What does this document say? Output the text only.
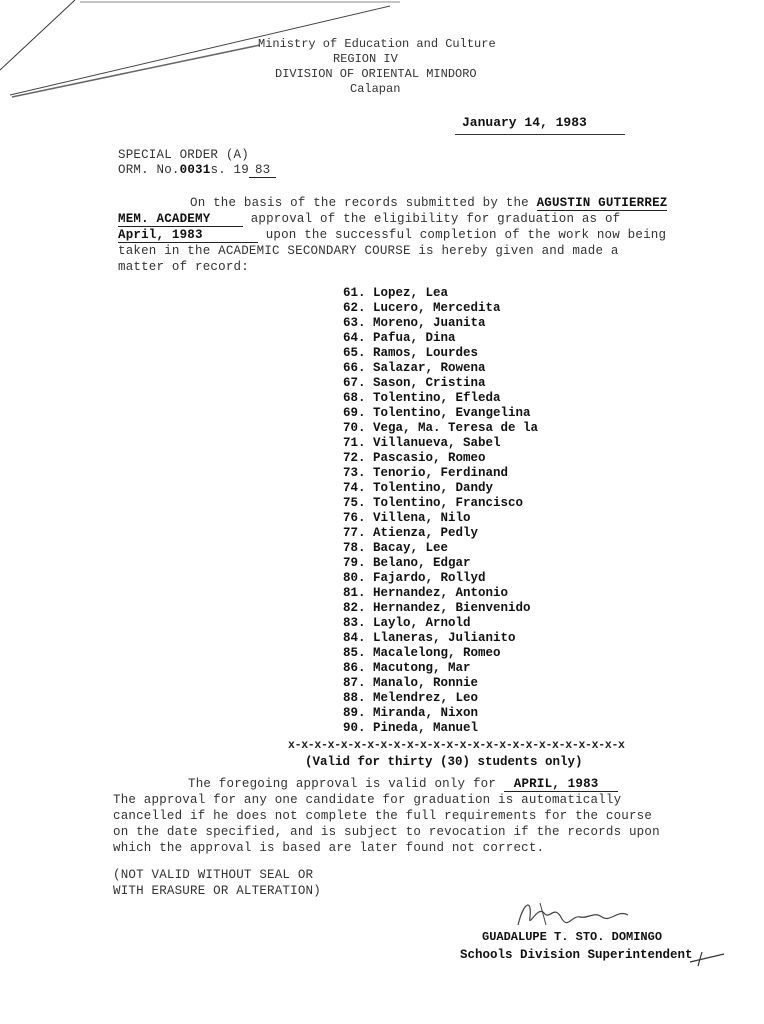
Ministry of Education and Culture
REGION IV
DIVISION OF ORIENTAL MINDORO
Calapan
January 14, 1983
SPECIAL ORDER (A)
ORM. No.0031s. 19 83
On the basis of the records submitted by the AGUSTIN GUTIERREZ
MEM. ACADEMY	approval of the eligibility for graduation as of
April, 1983	upon the successful completion of the work now being
taken in the ACADEMIC SECONDARY COURSE is hereby given and made a
matter of record:
61. Lopez, Lea
62. Lucero, Mercedita
63. Moreno, Juanita
64. Pafua, Dina
65. Ramos, Lourdes
66. Salazar, Rowena
67. Sason, Cristina
68. Tolentino, Efleda
69. Tolentino, Evangelina
70. Vega, Ma. Teresa de la
71. Villanueva, Sabel
72. Pascasio, Romeo
73. Tenorio, Ferdinand
74. Tolentino, Dandy
75. Tolentino, Francisco
76. Villena, Nilo
77. Atienza, Pedly
78. Bacay, Lee
79. Belano, Edgar
80. Fajardo, Rollyd
81. Hernandez, Antonio
82. Hernandez, Bienvenido
83. Laylo, Arnold
84. Llaneras, Julianito
85. Macalelong, Romeo
86. Macutong, Mar
87. Manalo, Ronnie
88. Melendrez, Leo
89. Miranda, Nixon
90. Pineda, Manuel
x-x-x-x-x-x-x-x-x-x-x-x-x-x-x-x-x-x-x-x-x-x-x-x-x-x
(Valid for thirty (30) students only)
The foregoing approval is valid only for APRIL, 1983
The approval for any one candidate for graduation is automatically
cancelled if he does not complete the full requirements for the course
on the date specified, and is subject to revocation if the records upon
which the approval is based are later found not correct.
(NOT VALID WITHOUT SEAL OR
WITH ERASURE OR ALTERATION)
GUADALUPE T. STO. DOMINGO
Schools Division Superintendent
